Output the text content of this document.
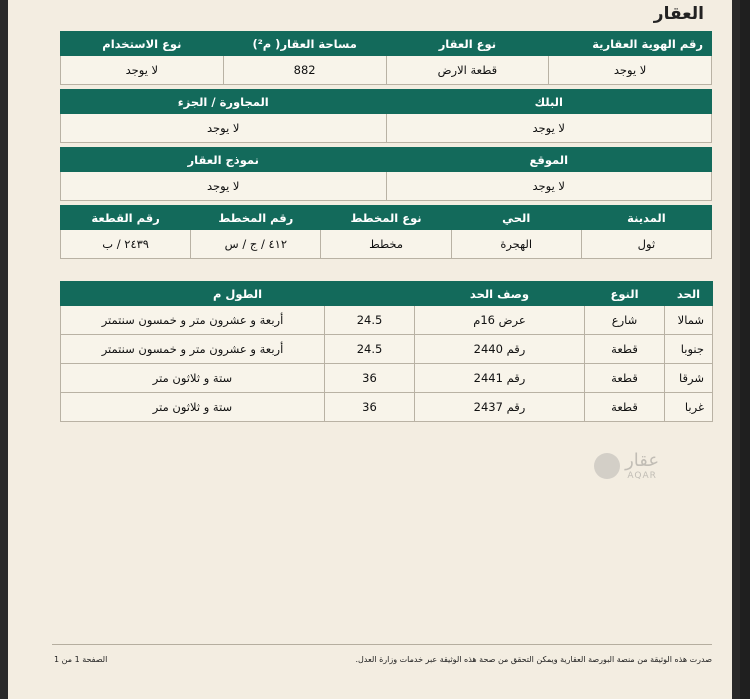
العقار
رقم الهوية العقارية	نوع العقار	مساحة العقار( م²)	نوع الاستخدام
لا يوجد	قطعة الارض	882	لا يوجد
البلك	المجاورة / الجزء
لا يوجد	لا يوجد
الموقع	نموذج العقار
لا يوجد	لا يوجد
المدينة	الحي	نوع المخطط	رقم المخطط	رقم القطعة
ثول	الهجرة	مخطط	٤١٢ / ج / س	٢٤٣٩ / ب
الحد	النوع	وصف الحد	الطول م	
شمالا	شارع	عرض 16م	24.5	أربعة و عشرون متر و خمسون سنتمتر
جنوبا	قطعة	رقم 2440	24.5	أربعة و عشرون متر و خمسون سنتمتر
شرقا	قطعة	رقم 2441	36	ستة و ثلاثون متر
غربا	قطعة	رقم 2437	36	ستة و ثلاثون متر

عقار
AQAR
الصفحة 1 من 1	صدرت هذه الوثيقة من منصة البورصة العقارية ويمكن التحقق من صحة هذه الوثيقة عبر خدمات وزارة العدل.
